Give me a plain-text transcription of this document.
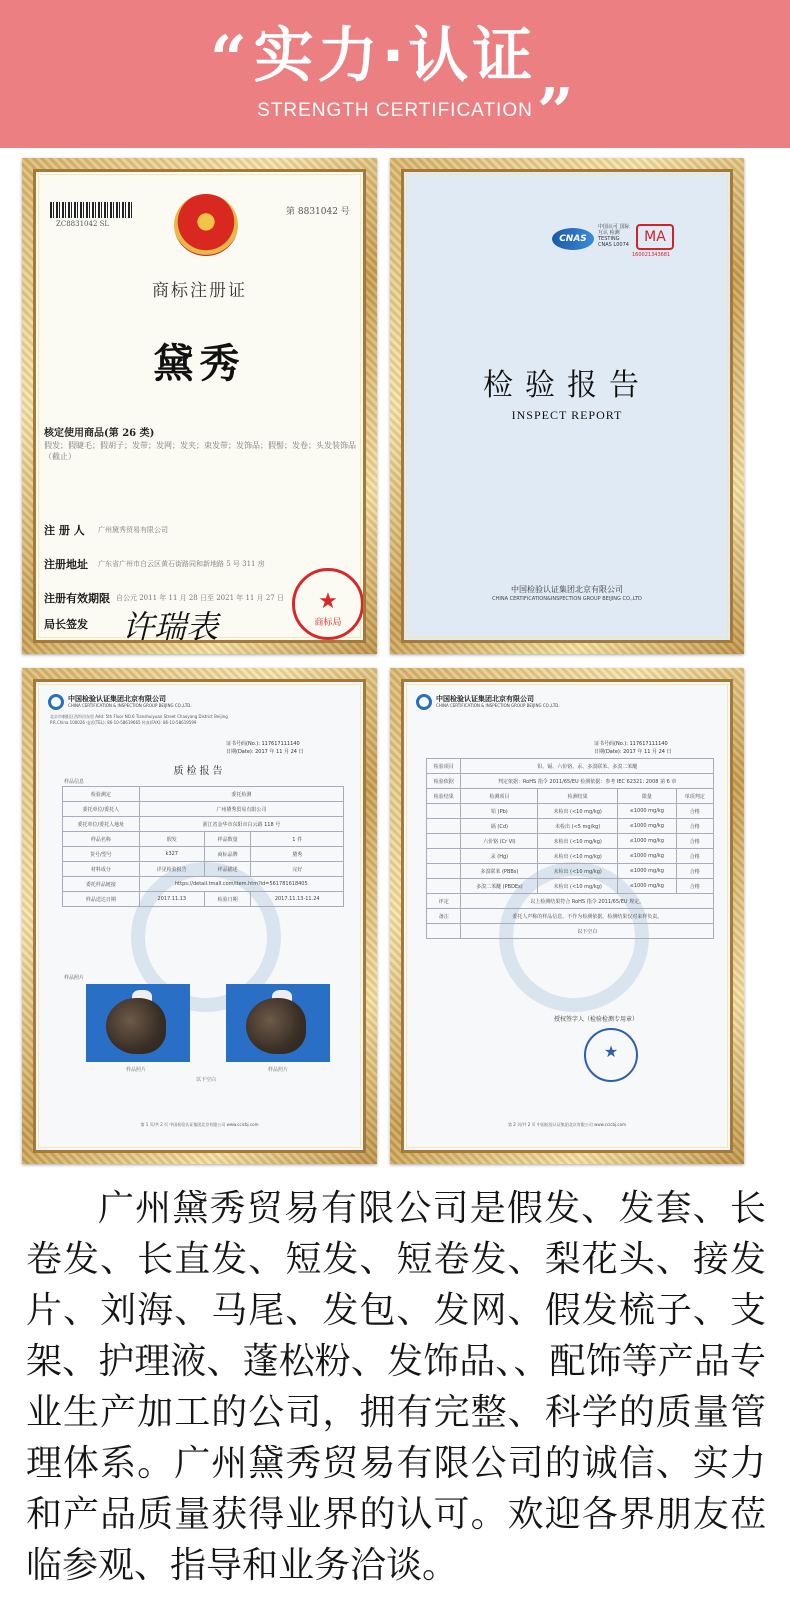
“ 实力·认证 „
STRENGTH CERTIFICATION
ZC8831042 SL
第 8831042 号
商标注册证
黛秀
核定使用商品(第 26 类)
假发；假睫毛；假胡子；发带；发网；发夹；束发带；发饰品；假髻；发卷；头发装饰品（截止）
注 册 人 广州黛秀贸易有限公司
注册地址 广东省广州市白云区黄石街路同和新地路 5 号 311 房
注册有效期限 自公元 2011 年 11 月 28 日至 2021 年 11 月 27 日
局长签发 许瑞表
★
商标局
CNAS
中国认可 国际互认 检测 TESTING CNAS L0074	MA
160021343681
检验报告
INSPECT REPORT
中国检验认证集团北京有限公司
CHINA CERTIFICATION&INSPECTION GROUP BEIJING CO.,LTD
中国检验认证集团北京有限公司
CHINA CERTIFICATION & INSPECTION GROUP BEIJING CO.,LTD.
北京市朝阳区西坝河东里 Add: 5th Floor NO.6 Tianshuiyuan Street Chaoyang District Beijing P.R.China 100026 电话(TEL): 86-10-58619665 传真(FAX): 86-10-58619599
证书号码(No.): 117617111140
日期(Date): 2017 年 11 月 24 日
质检报告
样品信息
检验测定	委托检测		
委托单位/委托人	广州黛秀贸易有限公司		
委托单位/委托人地址	浙江省金华市东阳市白云路 118 号		
样品名称	假发	样品数量	1 件
货号/型号	k327	商标品牌	黛秀
材料成分	详见检验报告	样品描述	完好
委托样品链接	https://detail.tmall.com/item.htm?id=561781618405		
样品送达日期	2017.11.13	检验日期	2017.11.13-11.24
样品照片
样品照片	样品照片
以下空白
第 1 页/共 2 页 中国检验认证集团北京有限公司 www.ccicbj.com
中国检验认证集团北京有限公司
CHINA CERTIFICATION & INSPECTION GROUP BEIJING CO.,LTD.
证书号码(No.): 117617111140
日期(Date): 2017 年 11 月 24 日
检验项目	铅、镉、六价铬、汞、多溴联苯、多溴二苯醚			
检验依据	判定依据：RoHS 指令 2011/65/EU 检测依据：参考 IEC 62321: 2008 第 6 章			
检验结果	检测项目	检测结果	限量	单项判定
	铅 (Pb)	未检出 (<10 mg/kg)	≤1000 mg/kg	合格
	镉 (Cd)	未检出 (<5 mg/kg)	≤1000 mg/kg	合格
	六价铬 (Cr VI)	未检出 (<10 mg/kg)	≤1000 mg/kg	合格
	汞 (Hg)	未检出 (<10 mg/kg)	≤1000 mg/kg	合格
	多溴联苯 (PBBs)	未检出 (<10 mg/kg)	≤1000 mg/kg	合格
	多溴二苯醚 (PBDEs)	未检出 (<10 mg/kg)	≤1000 mg/kg	合格
评定	以上检测结果符合 RoHS 指令 2011/65/EU 规定。			
备注	委托人声称的样品信息，不作为检测依据。检测结果仅对来样负责。			
	以下空白			
授权签字人（检验检测专用章）
★
第 2 页/共 2 页 中国检验认证集团北京有限公司 www.ccicbj.com

广州黛秀贸易有限公司是假发、发套、长卷发、长直发、短发、短卷发、梨花头、接发片、刘海、马尾、发包、发网、假发梳子、支架、护理液、蓬松粉、发饰品、、配饰等产品专业生产加工的公司，拥有完整、科学的质量管理体系。广州黛秀贸易有限公司的诚信、实力和产品质量获得业界的认可。欢迎各界朋友莅临参观、指导和业务洽谈。
